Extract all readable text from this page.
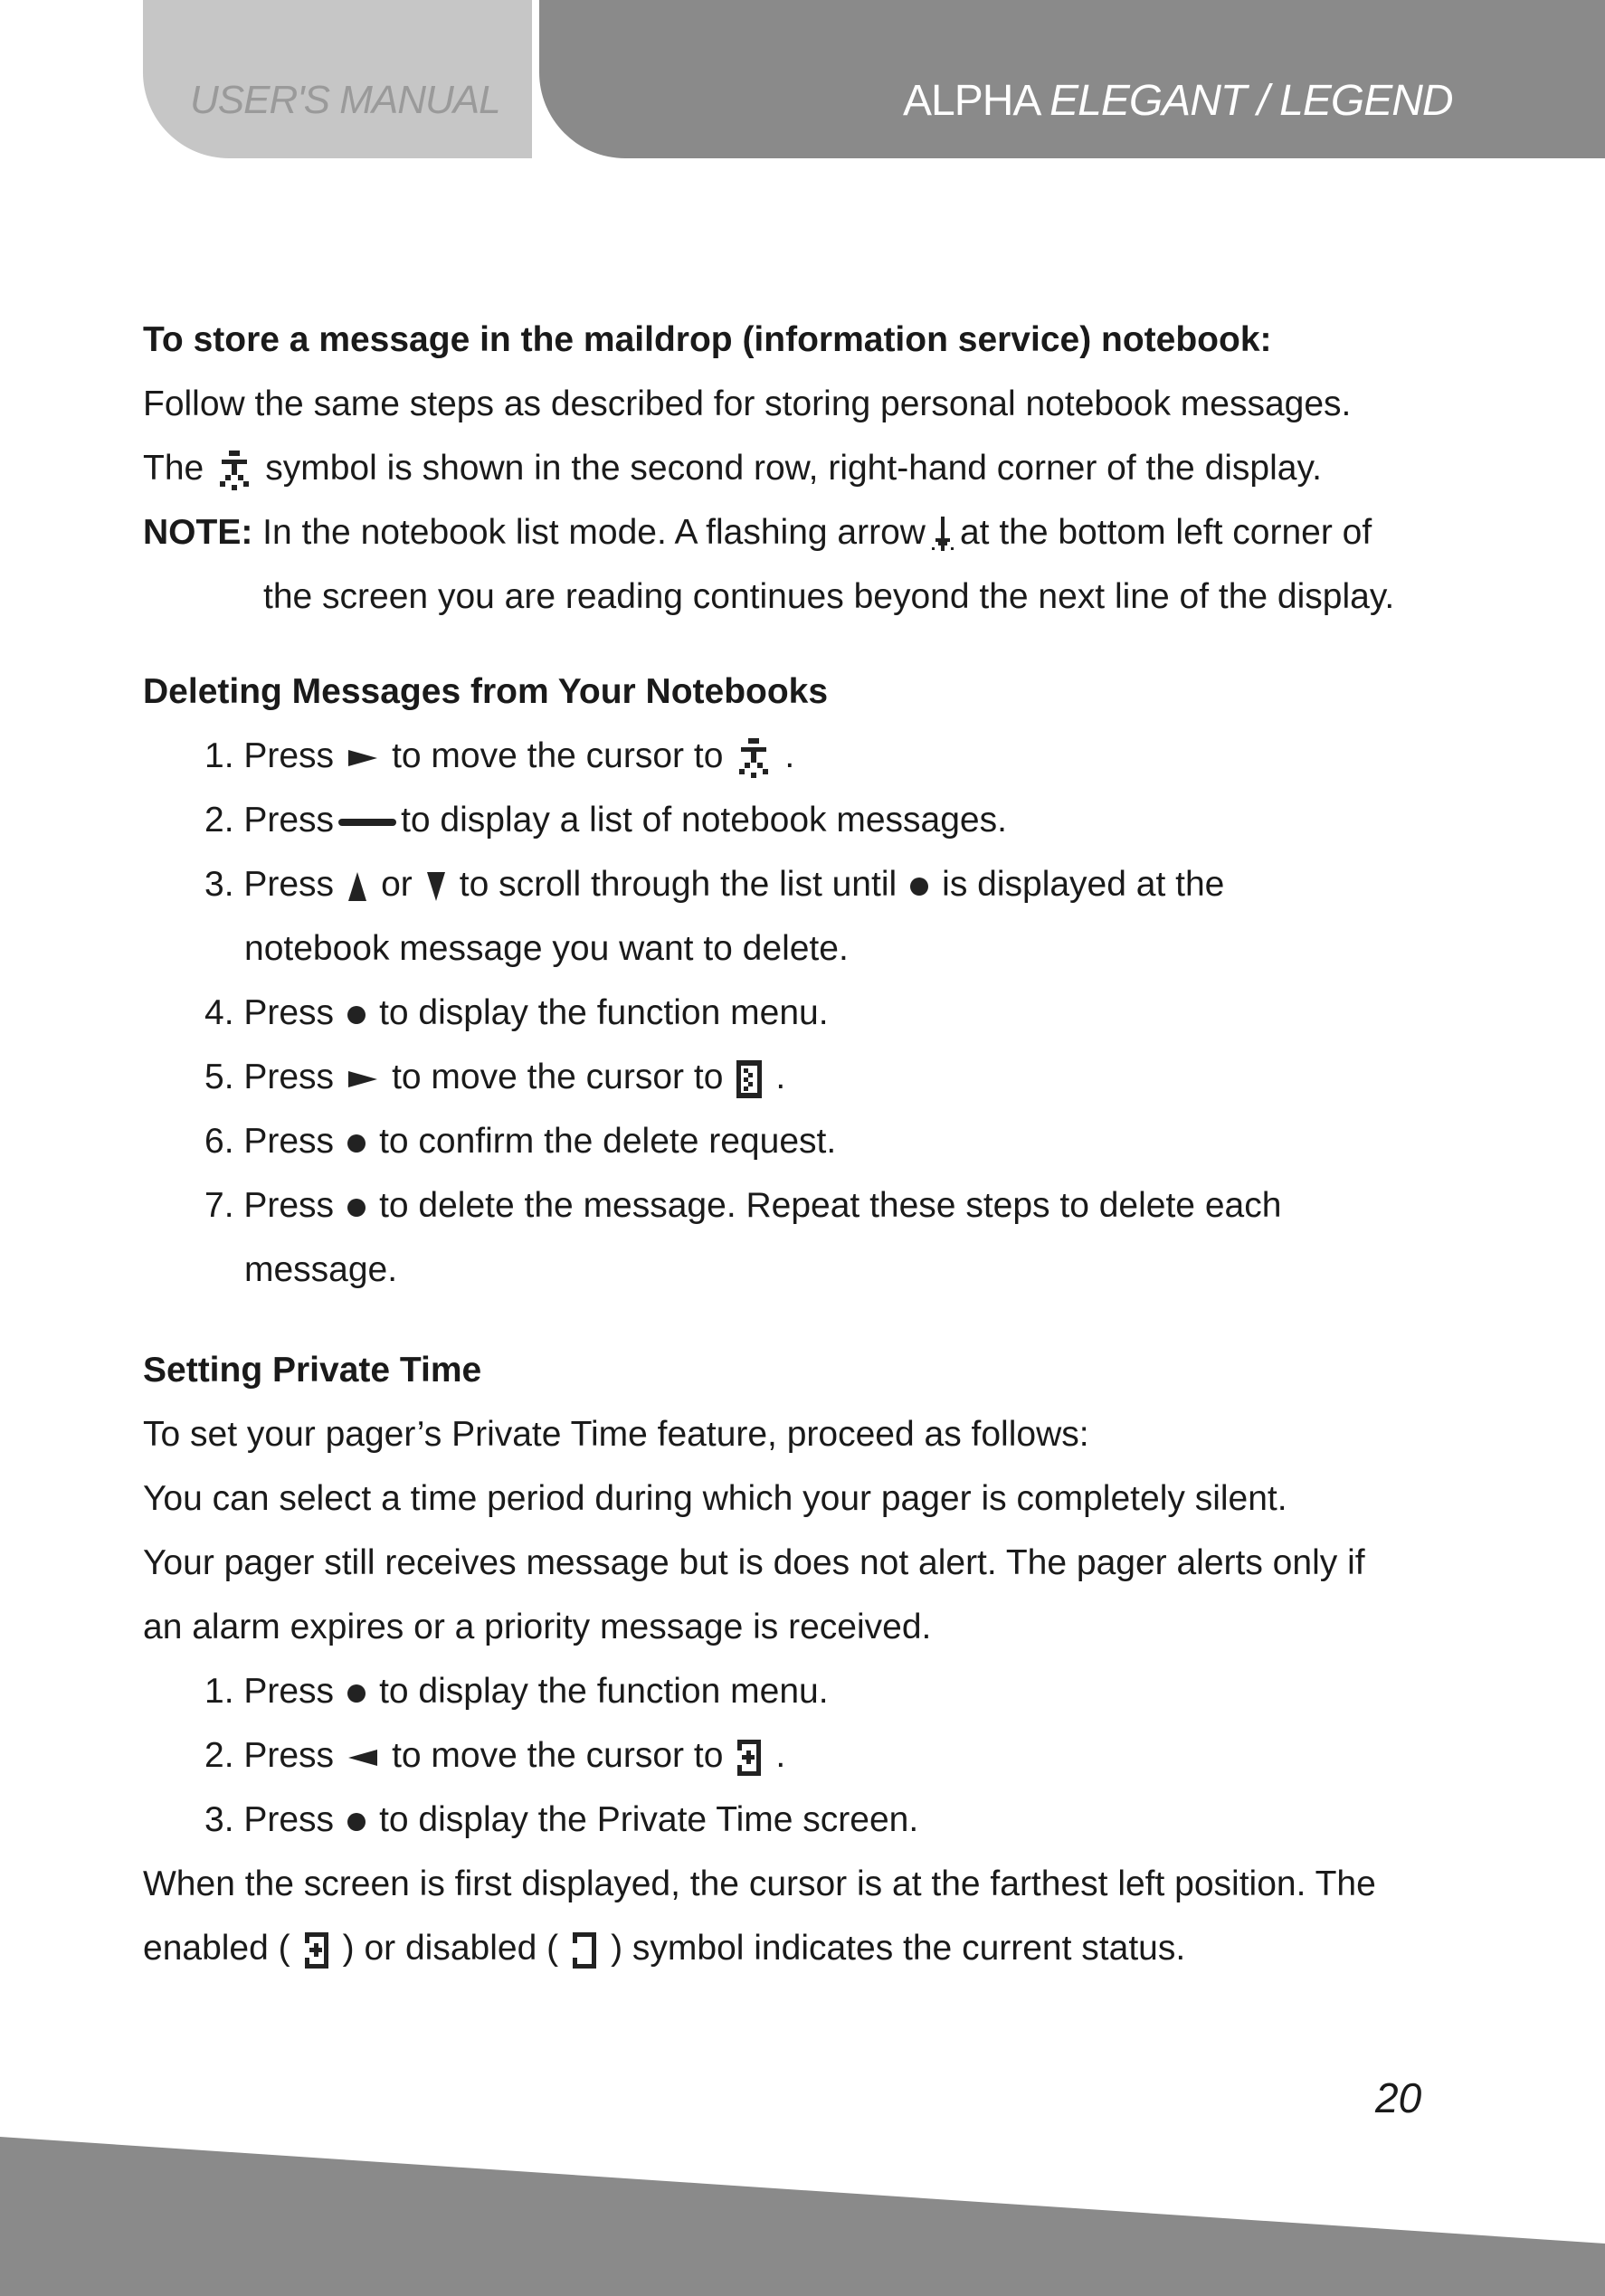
USER'S MANUAL	ALPHA ELEGANT / LEGEND
To store a message in the maildrop (information service) notebook:
Follow the same steps as described for storing personal notebook messages.
The symbol is shown in the second row, right-hand corner of the display.
NOTE: In the notebook list mode. A flashing arrow at the bottom left corner of
the screen you are reading continues beyond the next line of the display.
Deleting Messages from Your Notebooks
1. Press to move the cursor to .
2. Press to display a list of notebook messages.
3. Press or to scroll through the list until is displayed at the
notebook message you want to delete.
4. Press to display the function menu.
5. Press to move the cursor to .
6. Press to confirm the delete request.
7. Press to delete the message. Repeat these steps to delete each
message.
Setting Private Time
To set your pager’s Private Time feature, proceed as follows:
You can select a time period during which your pager is completely silent.
Your pager still receives message but is does not alert. The pager alerts only if
an alarm expires or a priority message is received.
1. Press to display the function menu.
2. Press to move the cursor to .
3. Press to display the Private Time screen.
When the screen is first displayed, the cursor is at the farthest left position. The
enabled ( ) or disabled ( ) symbol indicates the current status.
20
